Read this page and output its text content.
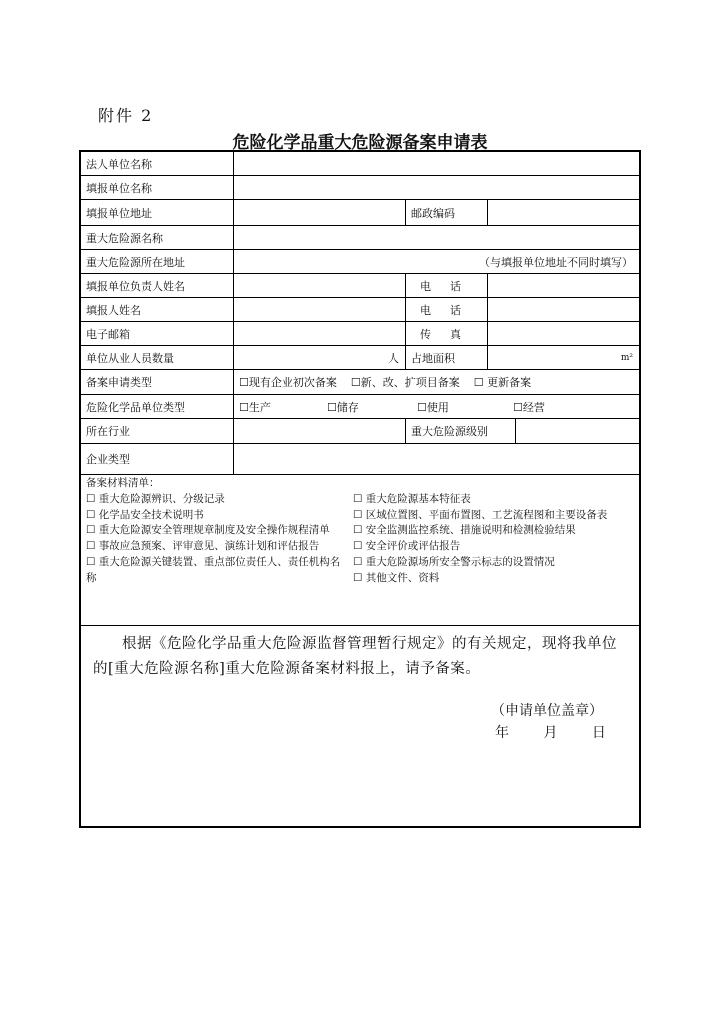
附件 2
危险化学品重大危险源备案申请表
法人单位名称
填报单位名称
填报单位地址	邮政编码
重大危险源名称
重大危险源所在地址	（与填报单位地址不同时填写）
填报单位负责人姓名	电　话
填报人姓名	电　话
电子邮箱	传　真
单位从业人员数量	人	占地面积	m²
备案申请类型	☐现有企业初次备案 ☐新、改、扩项目备案 ☐ 更新备案
危险化学品单位类型	☐生产	☐储存	☐使用	☐经营
所在行业	重大危险源级别
企业类型
备案材料清单：
☐ 重大危险源辨识、分级记录
☐ 化学品安全技术说明书
☐ 重大危险源安全管理规章制度及安全操作规程清单
☐ 事故应急预案、评审意见、演练计划和评估报告
☐ 重大危险源关键装置、重点部位责任人、责任机构名称
☐ 重大危险源基本特征表
☐ 区域位置图、平面布置图、工艺流程图和主要设备表
☐ 安全监测监控系统、措施说明和检测检验结果
☐ 安全评价或评估报告
☐ 重大危险源场所安全警示标志的设置情况
☐ 其他文件、资料
根据《危险化学品重大危险源监督管理暂行规定》的有关规定，现将我单位的[重大危险源名称]重大危险源备案材料报上，请予备案。
（申请单位盖章）
年 月 日
